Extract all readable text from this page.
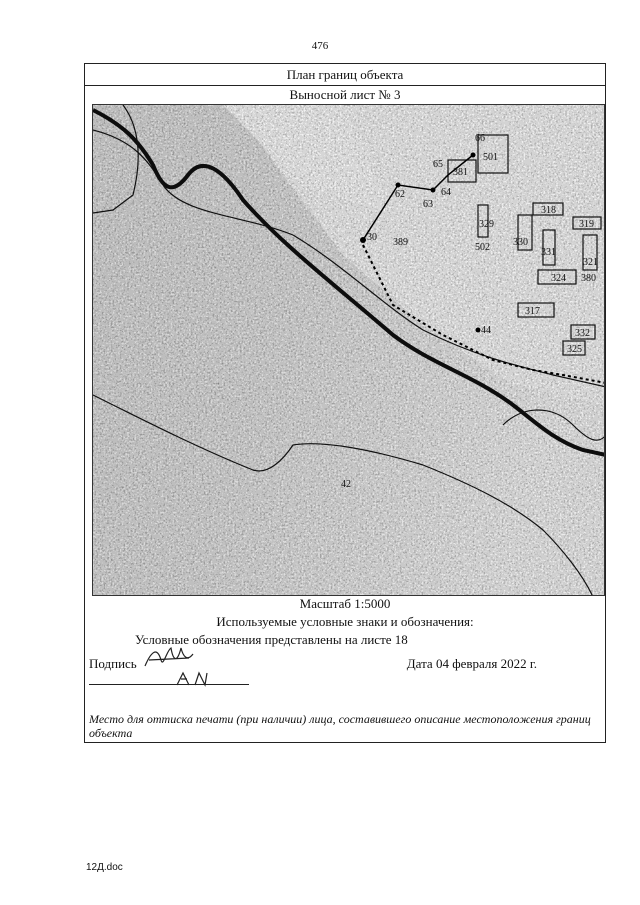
476
План границ объекта
Выносной лист № 3
501
381
389	502
329
330
331
318
319
321
324 380
317
332
325
42
62
63
64
65
66
30
44
Масштаб 1:5000
Используемые условные знаки и обозначения:
Условные обозначения представлены на листе 18
Подпись	Дата 04 февраля 2022 г.
Место для оттиска печати (при наличии) лица, составившего описание местоположения границ объекта
12Д.doc
